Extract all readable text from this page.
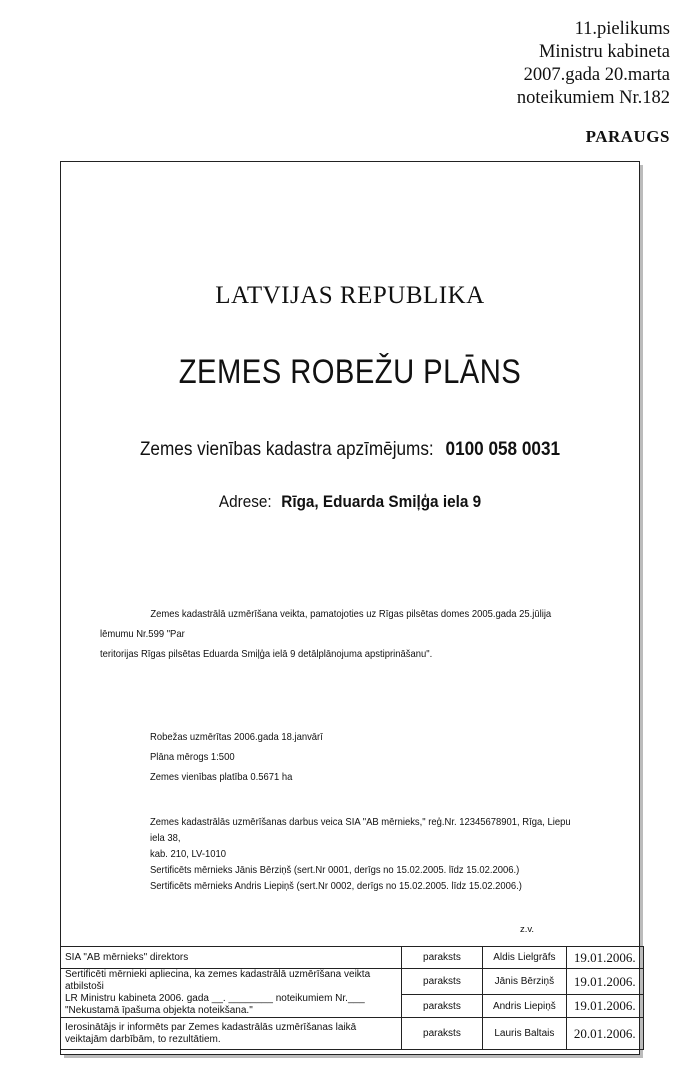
11.pielikums
Ministru kabineta
2007.gada 20.marta
noteikumiem Nr.182
PARAUGS
LATVIJAS REPUBLIKA
ZEMES ROBEŽU PLĀNS
Zemes vienības kadastra apzīmējums: 0100 058 0031
Adrese: Rīga, Eduarda Smiļģa iela 9
Zemes kadastrālā uzmērīšana veikta, pamatojoties uz Rīgas pilsētas domes 2005.gada 25.jūlija lēmumu Nr.599 "Par
teritorijas Rīgas pilsētas Eduarda Smiļģa ielā 9 detālplānojuma apstiprināšanu".
Robežas uzmērītas 2006.gada 18.janvārī
Plāna mērogs 1:500
Zemes vienības platība 0.5671 ha
Zemes kadastrālās uzmērīšanas darbus veica SIA "AB mērnieks," reģ.Nr. 12345678901, Rīga, Liepu iela 38,
kab. 210, LV-1010
Sertificēts mērnieks Jānis Bērziņš (sert.Nr 0001, derīgs no 15.02.2005. līdz 15.02.2006.)
Sertificēts mērnieks Andris Liepiņš (sert.Nr 0002, derīgs no 15.02.2005. līdz 15.02.2006.)
z.v.
SIA "AB mērnieks" direktors	paraksts	Aldis Lielgrāfs	19.01.2006.

Sertificēti mērnieki apliecina, ka zemes kadastrālā uzmērīšana veikta atbilstoši
LR Ministru kabineta 2006. gada __. ________ noteikumiem Nr.___
"Nekustamā īpašuma objekta noteikšana."	paraksts	Jānis Bērziņš	19.01.2006.
	paraksts	Andris Liepiņš	19.01.2006.

Ierosinātājs ir informēts par Zemes kadastrālās uzmērīšanas laikā
veiktajām darbībām, to rezultātiem.	paraksts	Lauris Baltais	20.01.2006.
